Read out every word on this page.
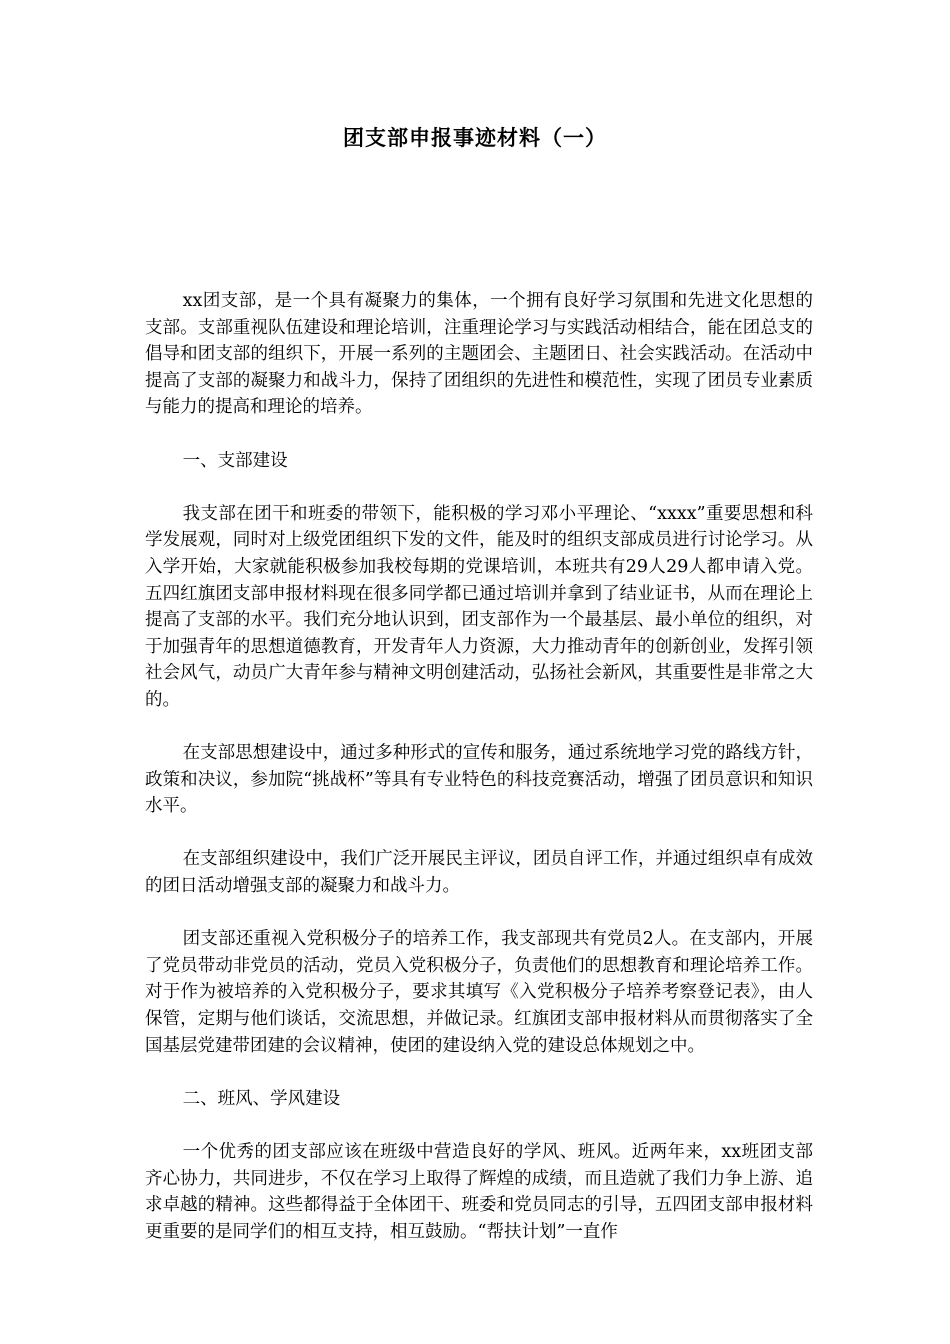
团支部申报事迹材料（一）

xx团支部，是一个具有凝聚力的集体，一个拥有良好学习氛围和先进文化思想的支部。支部重视队伍建设和理论培训，注重理论学习与实践活动相结合，能在团总支的倡导和团支部的组织下，开展一系列的主题团会、主题团日、社会实践活动。在活动中提高了支部的凝聚力和战斗力，保持了团组织的先进性和模范性，实现了团员专业素质与能力的提高和理论的培养。

一、支部建设

我支部在团干和班委的带领下，能积极的学习邓小平理论、“xxxx”重要思想和科学发展观，同时对上级党团组织下发的文件，能及时的组织支部成员进行讨论学习。从入学开始，大家就能积极参加我校每期的党课培训，本班共有29人29人都申请入党。五四红旗团支部申报材料现在很多同学都已通过培训并拿到了结业证书，从而在理论上提高了支部的水平。我们充分地认识到，团支部作为一个最基层、最小单位的组织，对于加强青年的思想道德教育，开发青年人力资源，大力推动青年的创新创业，发挥引领社会风气，动员广大青年参与精神文明创建活动，弘扬社会新风，其重要性是非常之大的。

在支部思想建设中，通过多种形式的宣传和服务，通过系统地学习党的路线方针，政策和决议，参加院“挑战杯”等具有专业特色的科技竞赛活动，增强了团员意识和知识水平。

在支部组织建设中，我们广泛开展民主评议，团员自评工作，并通过组织卓有成效的团日活动增强支部的凝聚力和战斗力。

团支部还重视入党积极分子的培养工作，我支部现共有党员2人。在支部内，开展了党员带动非党员的活动，党员入党积极分子，负责他们的思想教育和理论培养工作。对于作为被培养的入党积极分子，要求其填写《入党积极分子培养考察登记表》，由人保管，定期与他们谈话，交流思想，并做记录。红旗团支部申报材料从而贯彻落实了全国基层党建带团建的会议精神，使团的建设纳入党的建设总体规划之中。

二、班风、学风建设

一个优秀的团支部应该在班级中营造良好的学风、班风。近两年来，xx班团支部齐心协力，共同进步，不仅在学习上取得了辉煌的成绩，而且造就了我们力争上游、追求卓越的精神。这些都得益于全体团干、班委和党员同志的引导，五四团支部申报材料更重要的是同学们的相互支持，相互鼓励。“帮扶计划”一直作
